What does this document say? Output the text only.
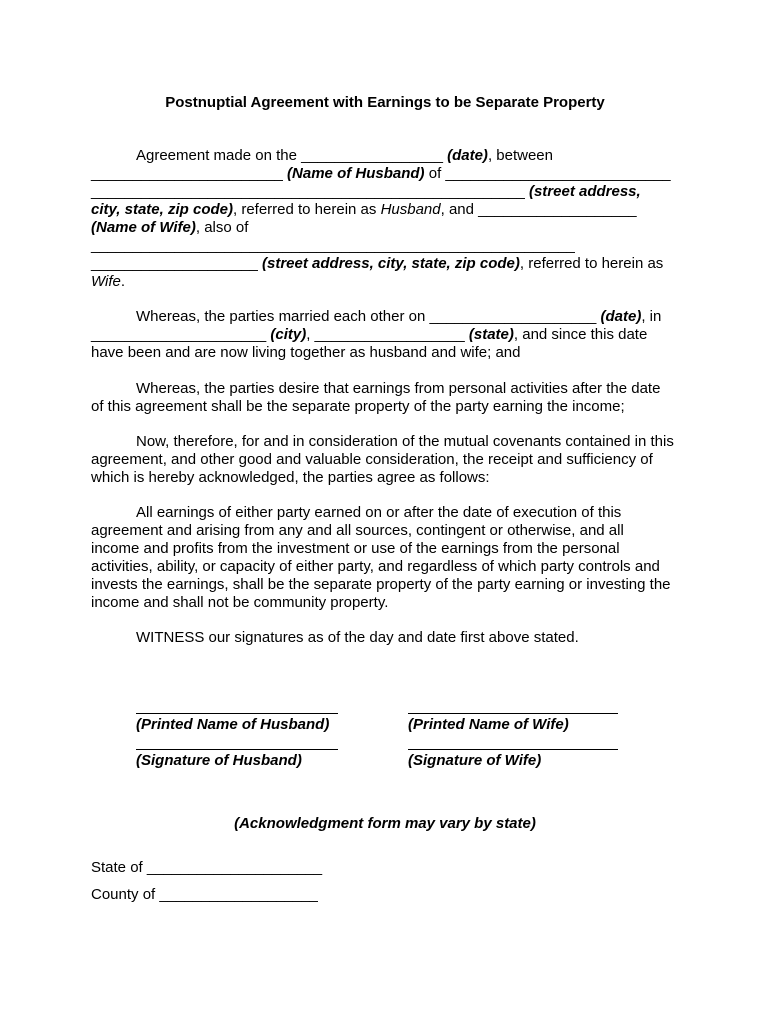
Postnuptial Agreement with Earnings to be Separate Property
Agreement made on the _________________ (date), between
_______________________ (Name of Husband) of ___________________________
____________________________________________________ (street address,
city, state, zip code), referred to herein as Husband, and ___________________
(Name of Wife), also of
__________________________________________________________
____________________ (street address, city, state, zip code), referred to herein as
Wife.
Whereas, the parties married each other on ____________________ (date), in
_____________________ (city), __________________ (state), and since this date
have been and are now living together as husband and wife; and
Whereas, the parties desire that earnings from personal activities after the date
of this agreement shall be the separate property of the party earning the income;
Now, therefore, for and in consideration of the mutual covenants contained in this
agreement, and other good and valuable consideration, the receipt and sufficiency of
which is hereby acknowledged, the parties agree as follows:
All earnings of either party earned on or after the date of execution of this
agreement and arising from any and all sources, contingent or otherwise, and all
income and profits from the investment or use of the earnings from the personal
activities, ability, or capacity of either party, and regardless of which party controls and
invests the earnings, shall be the separate property of the party earning or investing the
income and shall not be community property.
WITNESS our signatures as of the day and date first above stated.
(Printed Name of Husband)	(Printed Name of Wife)
(Signature of Husband)	(Signature of Wife)
(Acknowledgment form may vary by state)
State of _____________________
County of ___________________
